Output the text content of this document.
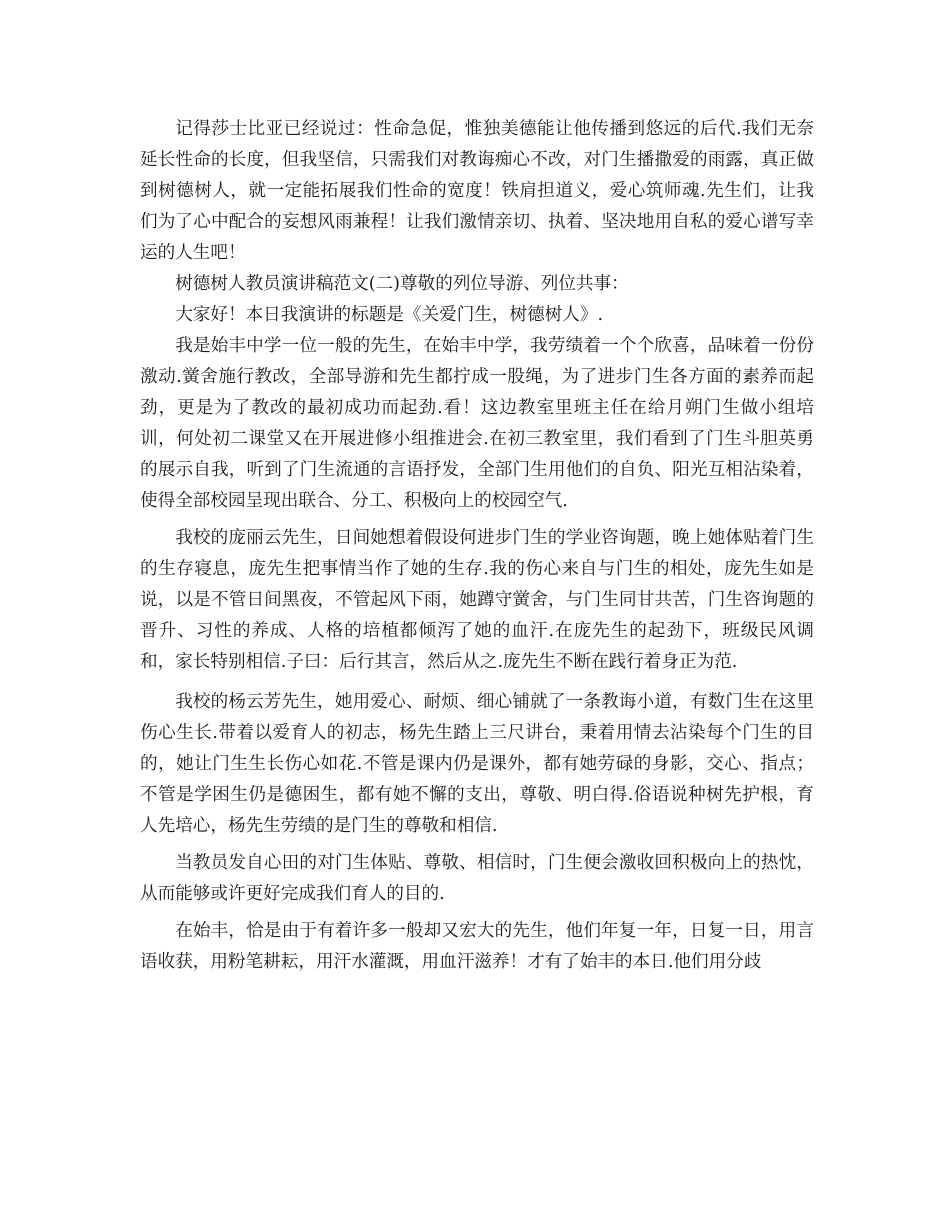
记得莎士比亚已经说过：性命急促，惟独美德能让他传播到悠远的后代.我们无奈延长性命的长度，但我坚信，只需我们对教诲痴心不改，对门生播撒爱的雨露，真正做到树德树人，就一定能拓展我们性命的宽度！铁肩担道义，爱心筑师魂.先生们，让我们为了心中配合的妄想风雨兼程！让我们激情亲切、执着、坚决地用自私的爱心谱写幸运的人生吧！

树德树人教员演讲稿范文(二)尊敬的列位导游、列位共事：

大家好！本日我演讲的标题是《关爱门生，树德树人》.

我是始丰中学一位一般的先生，在始丰中学，我劳绩着一个个欣喜，品味着一份份激动.黉舍施行教改，全部导游和先生都拧成一股绳，为了进步门生各方面的素养而起劲，更是为了教改的最初成功而起劲.看！这边教室里班主任在给月朔门生做小组培训，何处初二课堂又在开展进修小组推进会.在初三教室里，我们看到了门生斗胆英勇的展示自我，听到了门生流通的言语抒发，全部门生用他们的自负、阳光互相沾染着，使得全部校园呈现出联合、分工、积极向上的校园空气.

我校的庞丽云先生，日间她想着假设何进步门生的学业咨询题，晚上她体贴着门生的生存寝息，庞先生把事情当作了她的生存.我的伤心来自与门生的相处，庞先生如是说，以是不管日间黑夜，不管起风下雨，她蹲守黉舍，与门生同甘共苦，门生咨询题的晋升、习性的养成、人格的培植都倾泻了她的血汗.在庞先生的起劲下，班级民风调和，家长特别相信.子曰：后行其言，然后从之.庞先生不断在践行着身正为范.

我校的杨云芳先生，她用爱心、耐烦、细心铺就了一条教诲小道，有数门生在这里伤心生长.带着以爱育人的初志，杨先生踏上三尺讲台，秉着用情去沾染每个门生的目的，她让门生生长伤心如花.不管是课内仍是课外，都有她劳碌的身影，交心、指点；不管是学困生仍是德困生，都有她不懈的支出，尊敬、明白得.俗语说种树先护根，育人先培心，杨先生劳绩的是门生的尊敬和相信.

当教员发自心田的对门生体贴、尊敬、相信时，门生便会激收回积极向上的热忱，从而能够或许更好完成我们育人的目的.

在始丰，恰是由于有着许多一般却又宏大的先生，他们年复一年，日复一日，用言语收获，用粉笔耕耘，用汗水灌溉，用血汗滋养！才有了始丰的本日.他们用分歧
